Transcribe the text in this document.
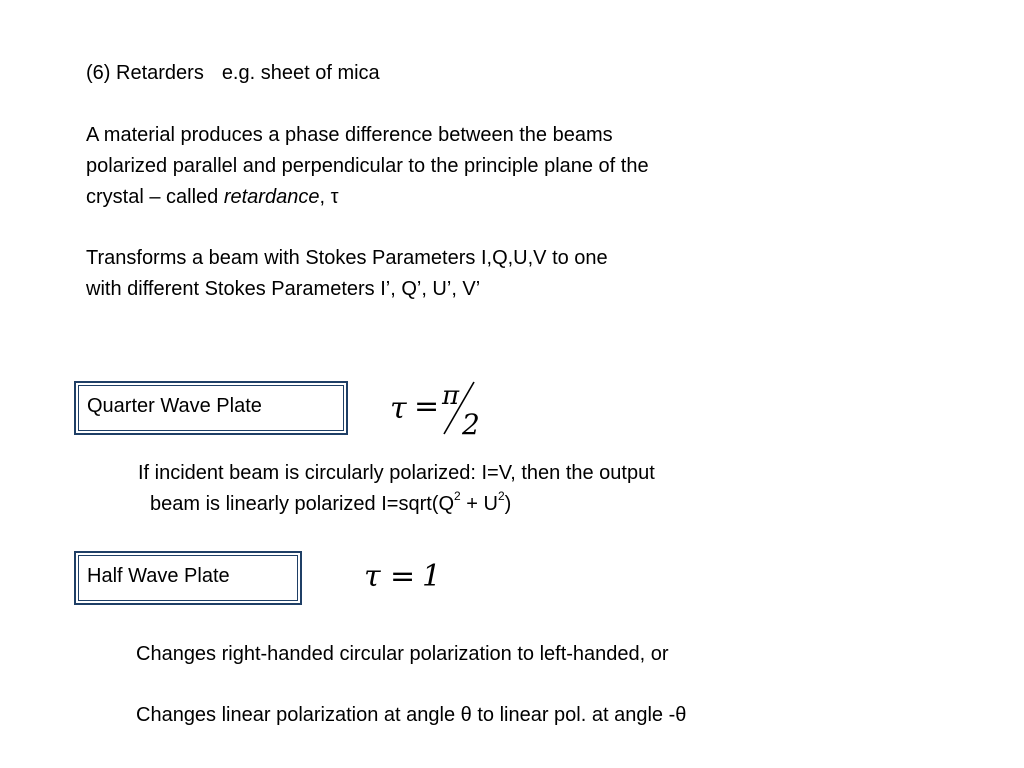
(6) Retarders e.g. sheet of mica
A material produces a phase difference between the beams
polarized parallel and perpendicular to the principle plane of the
crystal – called retardance, τ
Transforms a beam with Stokes Parameters I,Q,U,V to one
with different Stokes Parameters I’, Q’, U’, V’
Quarter Wave Plate	τ = π
2
If incident beam is circularly polarized: I=V, then the output
beam is linearly polarized $I=sqrt(Q^2 + U^2)$
Half Wave Plate	τ = 1
Changes right-handed circular polarization to left-handed, or
Changes linear polarization at angle θ to linear pol. at angle -θ
